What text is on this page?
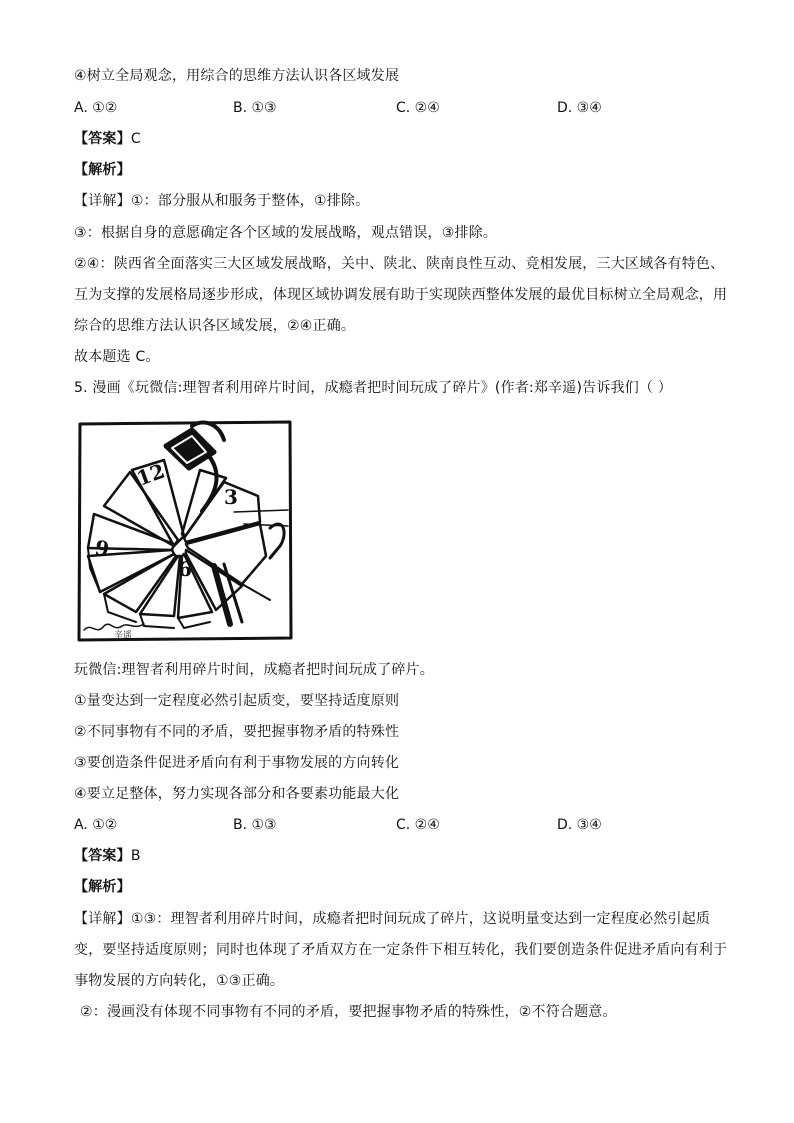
④树立全局观念，用综合的思维方法认识各区域发展
A. ①②	B. ①③	C. ②④	D. ③④
【答案】C
【解析】
【详解】①：部分服从和服务于整体，①排除。
③：根据自身的意愿确定各个区域的发展战略，观点错误，③排除。
②④：陕西省全面落实三大区域发展战略，关中、陕北、陕南良性互动、竞相发展，三大区域各有特色、
互为支撑的发展格局逐步形成，体现区域协调发展有助于实现陕西整体发展的最优目标树立全局观念，用
综合的思维方法认识各区域发展，②④正确。
故本题选 C。
5. 漫画《玩微信:理智者利用碎片时间，成瘾者把时间玩成了碎片》(作者:郑辛遥)告诉我们（ ）
12
3
6
9
辛遥
玩微信:理智者利用碎片时间，成瘾者把时间玩成了碎片。
①量变达到一定程度必然引起质变，要坚持适度原则
②不同事物有不同的矛盾，要把握事物矛盾的特殊性
③要创造条件促进矛盾向有利于事物发展的方向转化
④要立足整体，努力实现各部分和各要素功能最大化
A. ①②	B. ①③	C. ②④	D. ③④
【答案】B
【解析】
【详解】①③：理智者利用碎片时间，成瘾者把时间玩成了碎片，这说明量变达到一定程度必然引起质
变，要坚持适度原则；同时也体现了矛盾双方在一定条件下相互转化，我们要创造条件促进矛盾向有利于
事物发展的方向转化，①③正确。
②：漫画没有体现不同事物有不同的矛盾，要把握事物矛盾的特殊性，②不符合题意。
